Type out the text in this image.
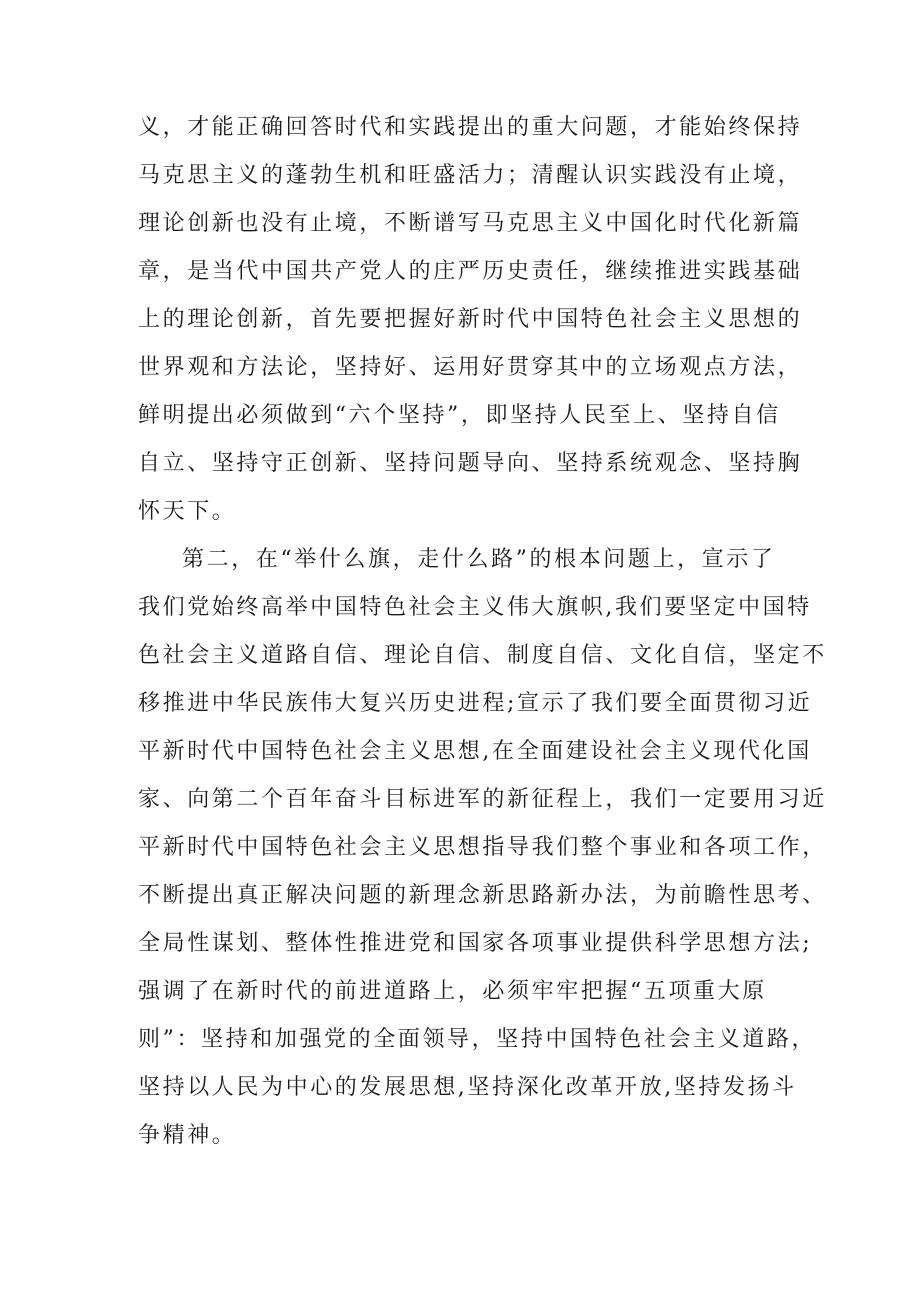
义，才能正确回答时代和实践提出的重大问题，才能始终保持
马克思主义的蓬勃生机和旺盛活力；清醒认识实践没有止境，
理论创新也没有止境，不断谱写马克思主义中国化时代化新篇
章，是当代中国共产党人的庄严历史责任，继续推进实践基础
上的理论创新，首先要把握好新时代中国特色社会主义思想的
世界观和方法论，坚持好、运用好贯穿其中的立场观点方法，
鲜明提出必须做到“六个坚持”，即坚持人民至上、坚持自信
自立、坚持守正创新、坚持问题导向、坚持系统观念、坚持胸
怀天下。
第二，在“举什么旗，走什么路”的根本问题上，宣示了
我们党始终高举中国特色社会主义伟大旗帜,我们要坚定中国特
色社会主义道路自信、理论自信、制度自信、文化自信，坚定不
移推进中华民族伟大复兴历史进程;宣示了我们要全面贯彻习近
平新时代中国特色社会主义思想,在全面建设社会主义现代化国
家、向第二个百年奋斗目标进军的新征程上，我们一定要用习近
平新时代中国特色社会主义思想指导我们整个事业和各项工作，
不断提出真正解决问题的新理念新思路新办法，为前瞻性思考、
全局性谋划、整体性推进党和国家各项事业提供科学思想方法;
强调了在新时代的前进道路上，必须牢牢把握“五项重大原
则”：坚持和加强党的全面领导，坚持中国特色社会主义道路，
坚持以人民为中心的发展思想,坚持深化改革开放,坚持发扬斗
争精神。
